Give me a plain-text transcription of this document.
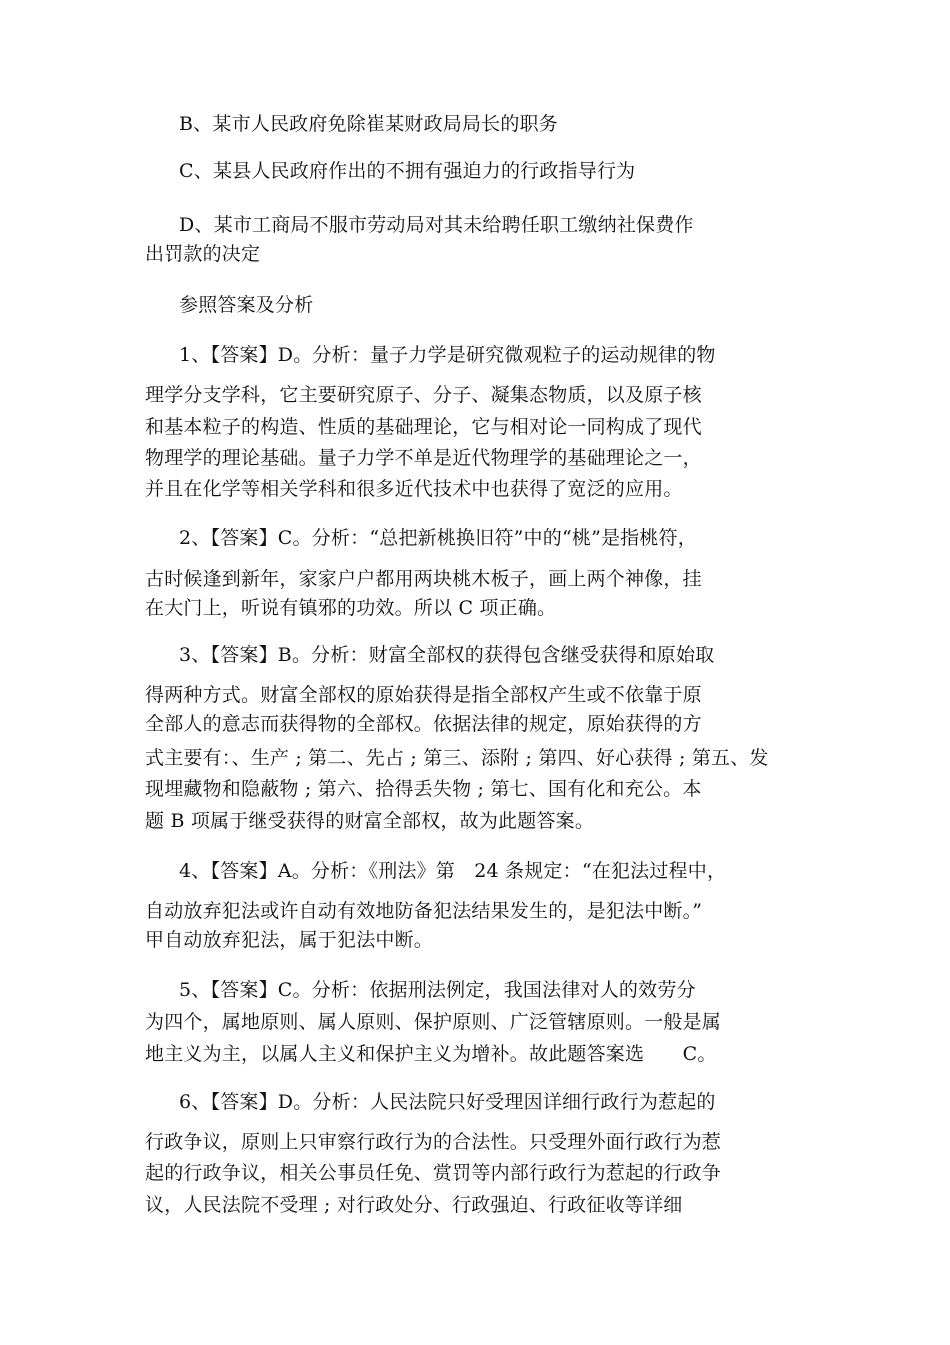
B、某市人民政府免除崔某财政局局长的职务

C、某县人民政府作出的不拥有强迫力的行政指导行为

D、某市工商局不服市劳动局对其未给聘任职工缴纳社保费作

出罚款的决定

参照答案及分析

1、【答案】D。分析：量子力学是研究微观粒子的运动规律的物

理学分支学科，它主要研究原子、分子、凝集态物质，以及原子核

和基本粒子的构造、性质的基础理论，它与相对论一同构成了现代

物理学的理论基础。量子力学不单是近代物理学的基础理论之一，

并且在化学等相关学科和很多近代技术中也获得了宽泛的应用。

2、【答案】C。分析：“总把新桃换旧符”中的“桃”是指桃符，

古时候逢到新年，家家户户都用两块桃木板子，画上两个神像，挂

在大门上，听说有镇邪的功效。所以 C 项正确。

3、【答案】B。分析：财富全部权的获得包含继受获得和原始取

得两种方式。财富全部权的原始获得是指全部权产生或不依靠于原

全部人的意志而获得物的全部权。依据法律的规定，原始获得的方

式主要有：、生产 ; 第二、先占 ; 第三、添附 ; 第四、好心获得 ; 第五、发

现埋藏物和隐蔽物 ; 第六、拾得丢失物 ; 第七、国有化和充公。本

题 B 项属于继受获得的财富全部权，故为此题答案。

4、【答案】A。分析：《刑法》第　24 条规定：“在犯法过程中，

自动放弃犯法或许自动有效地防备犯法结果发生的，是犯法中断。”

甲自动放弃犯法，属于犯法中断。

5、【答案】C。分析：依据刑法例定，我国法律对人的效劳分

为四个，属地原则、属人原则、保护原则、广泛管辖原则。一般是属

地主义为主，以属人主义和保护主义为增补。故此题答案选　　C。

6、【答案】D。分析：人民法院只好受理因详细行政行为惹起的

行政争议，原则上只审察行政行为的合法性。只受理外面行政行为惹

起的行政争议，相关公事员任免、赏罚等内部行政行为惹起的行政争

议，人民法院不受理 ; 对行政处分、行政强迫、行政征收等详细
